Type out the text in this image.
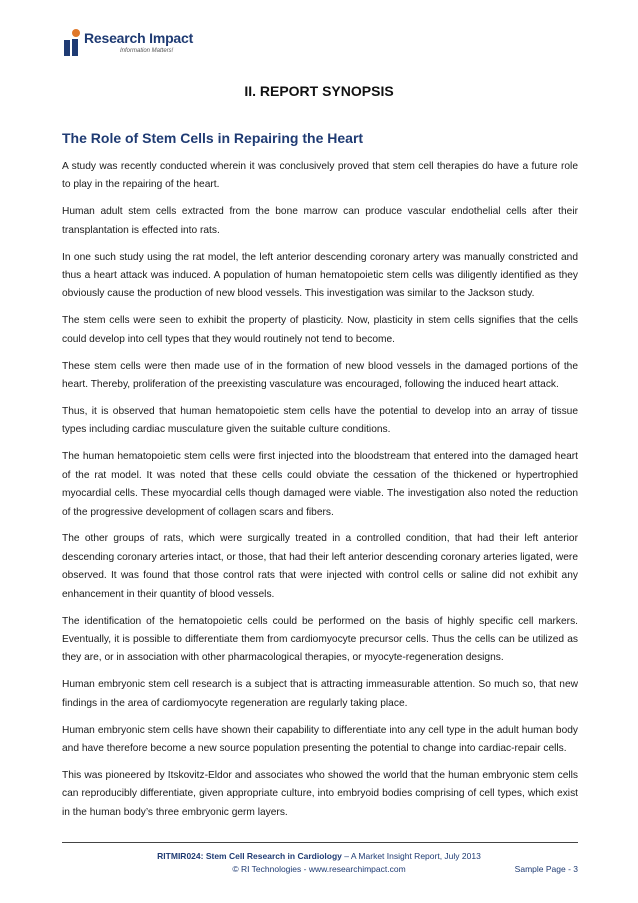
Research Impact
Information Matters!
II. REPORT SYNOPSIS
The Role of Stem Cells in Repairing the Heart

A study was recently conducted wherein it was conclusively proved that stem cell therapies do have a future role to play in the repairing of the heart.

Human adult stem cells extracted from the bone marrow can produce vascular endothelial cells after their transplantation is effected into rats.

In one such study using the rat model, the left anterior descending coronary artery was manually constricted and thus a heart attack was induced. A population of human hematopoietic stem cells was diligently identified as they obviously cause the production of new blood vessels. This investigation was similar to the Jackson study.

The stem cells were seen to exhibit the property of plasticity. Now, plasticity in stem cells signifies that the cells could develop into cell types that they would routinely not tend to become.

These stem cells were then made use of in the formation of new blood vessels in the damaged portions of the heart. Thereby, proliferation of the preexisting vasculature was encouraged, following the induced heart attack.

Thus, it is observed that human hematopoietic stem cells have the potential to develop into an array of tissue types including cardiac musculature given the suitable culture conditions.

The human hematopoietic stem cells were first injected into the bloodstream that entered into the damaged heart of the rat model. It was noted that these cells could obviate the cessation of the thickened or hypertrophied myocardial cells. These myocardial cells though damaged were viable. The investigation also noted the reduction of the progressive development of collagen scars and fibers.

The other groups of rats, which were surgically treated in a controlled condition, that had their left anterior descending coronary arteries intact, or those, that had their left anterior descending coronary arteries ligated, were observed. It was found that those control rats that were injected with control cells or saline did not exhibit any enhancement in their quantity of blood vessels.

The identification of the hematopoietic cells could be performed on the basis of highly specific cell markers. Eventually, it is possible to differentiate them from cardiomyocyte precursor cells. Thus the cells can be utilized as they are, or in association with other pharmacological therapies, or myocyte-regeneration designs.

Human embryonic stem cell research is a subject that is attracting immeasurable attention. So much so, that new findings in the area of cardiomyocyte regeneration are regularly taking place.

Human embryonic stem cells have shown their capability to differentiate into any cell type in the adult human body and have therefore become a new source population presenting the potential to change into cardiac-repair cells.

This was pioneered by Itskovitz-Eldor and associates who showed the world that the human embryonic stem cells can reproducibly differentiate, given appropriate culture, into embryoid bodies comprising of cell types, which exist in the human body’s three embryonic germ layers.

RITMIR024: Stem Cell Research in Cardiology – A Market Insight Report, July 2013
© RI Technologies - www.researchimpact.com	Sample Page - 3
